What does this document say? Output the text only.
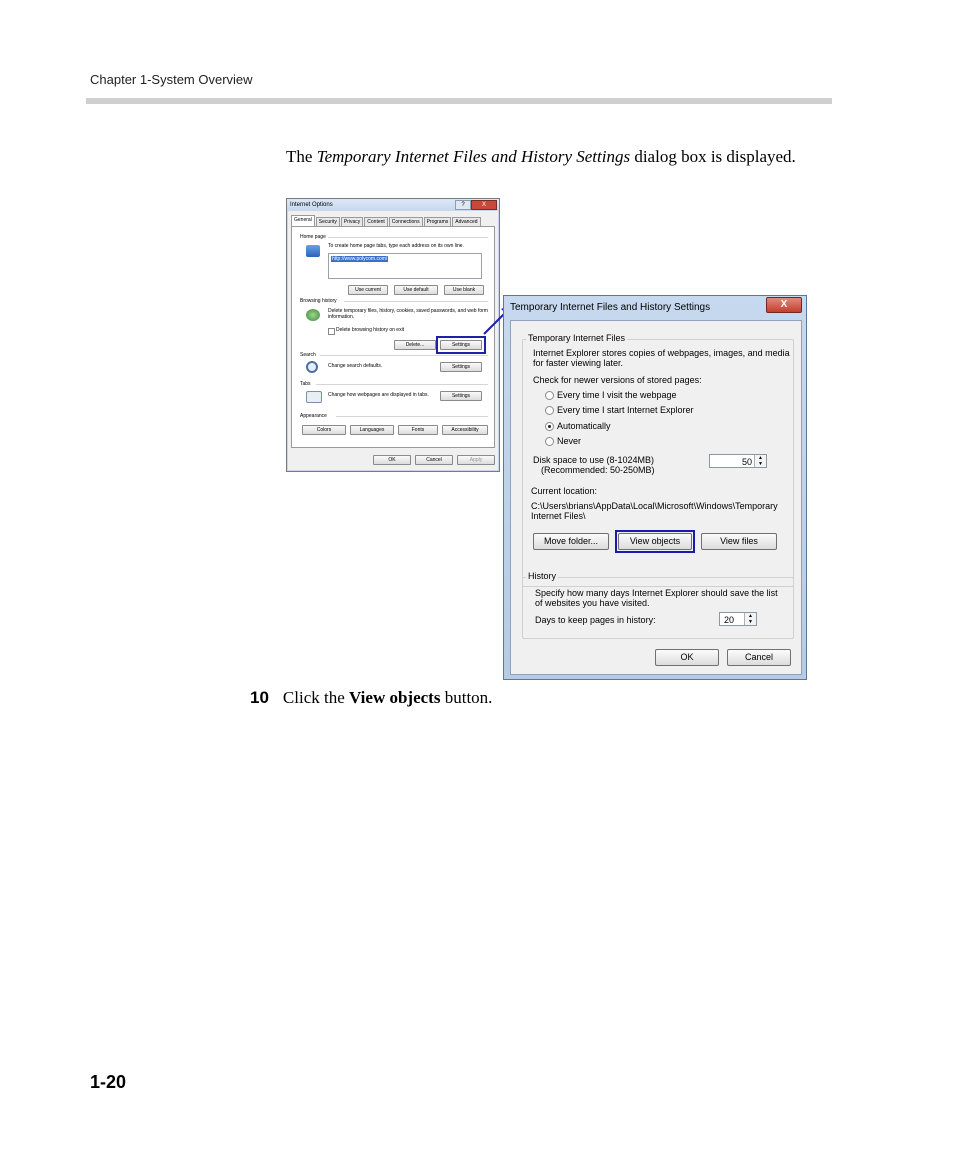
Chapter 1-System Overview
The Temporary Internet Files and History Settings dialog box is displayed.
Internet Options	?	X
General	Security	Privacy	Content	Connections	Programs	Advanced
Home page
To create home page tabs, type each address on its own line.
http://www.polycom.com/
Use current	Use default	Use blank
Browsing history
Delete temporary files, history, cookies, saved passwords, and web form information.
Delete browsing history on exit
Delete...	Settings
Search
Change search defaults.	Settings
Tabs
Change how webpages are displayed in tabs.	Settings
Appearance
Colors	Languages	Fonts	Accessibility
OK	Cancel	Apply
Temporary Internet Files and History Settings	X
Temporary Internet Files
Internet Explorer stores copies of webpages, images, and media
for faster viewing later.
Check for newer versions of stored pages:
Every time I visit the webpage
Every time I start Internet Explorer
Automatically
Never
Disk space to use (8-1024MB)
(Recommended: 50-250MB)
50	▲
▼
Current location:
C:\Users\brians\AppData\Local\Microsoft\Windows\Temporary
Internet Files\
Move folder...	View objects	View files
History
Specify how many days Internet Explorer should save the list
of websites you have visited.
Days to keep pages in history:	20	▲
▼
OK	Cancel
10 Click the View objects button.
1-20
